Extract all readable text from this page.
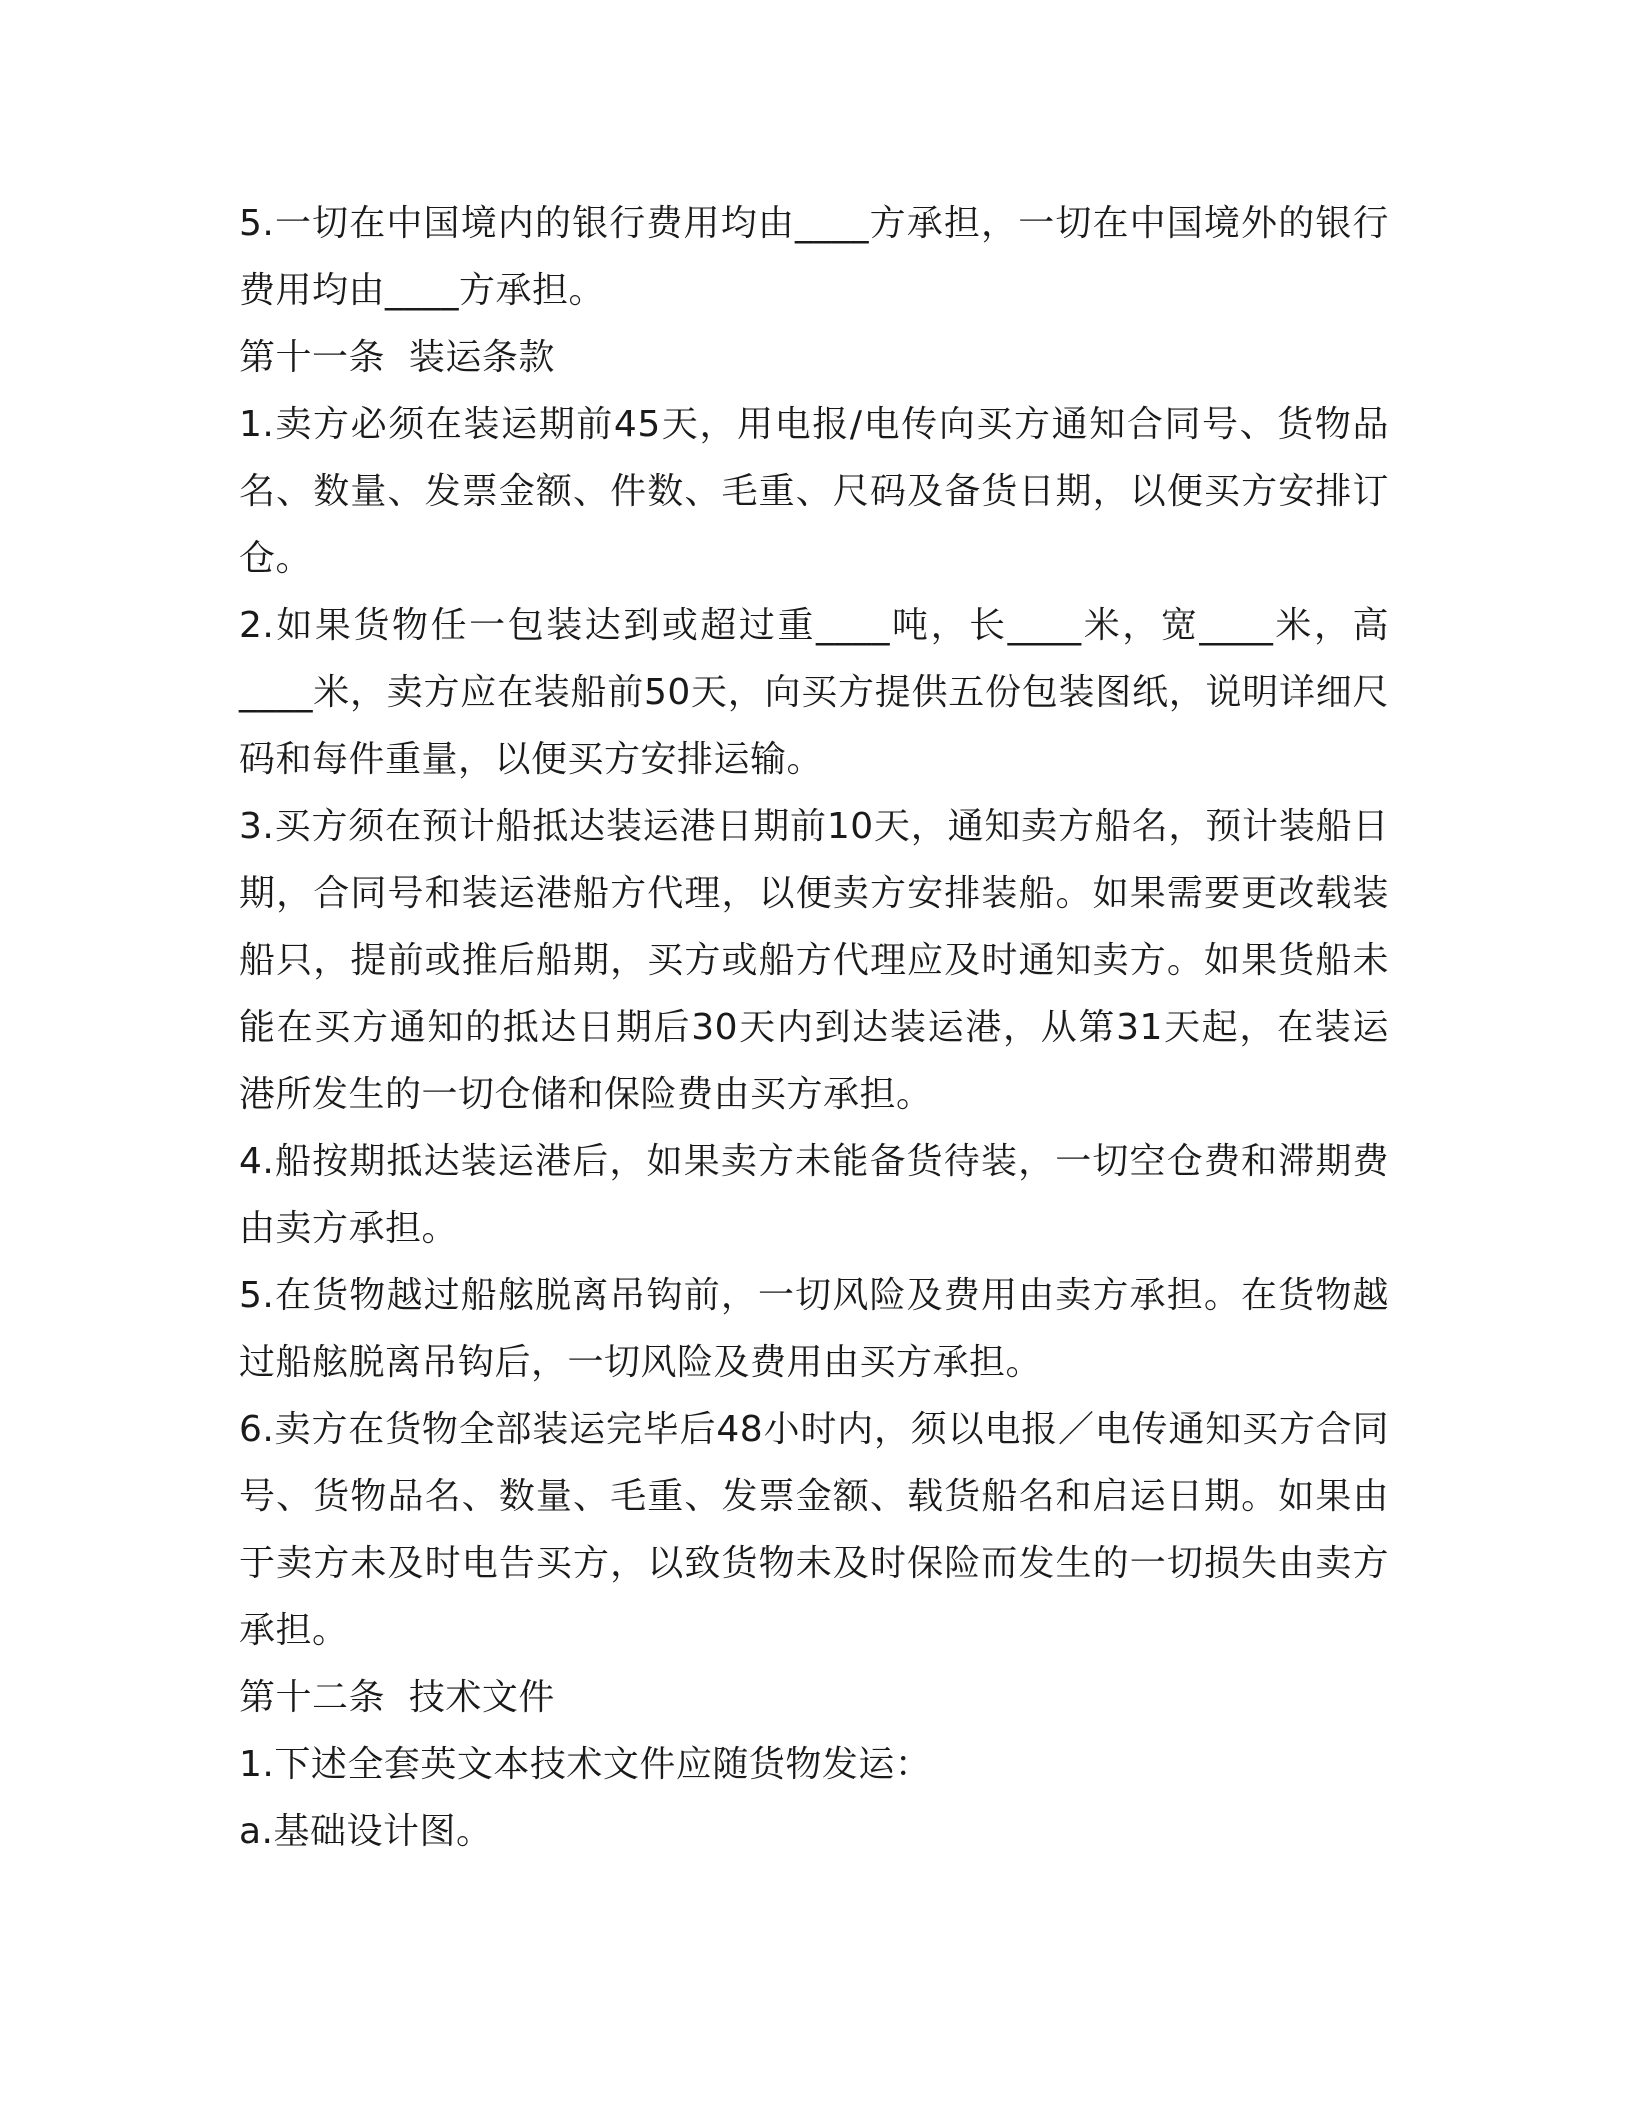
5.一切在中国境内的银行费用均由____方承担，一切在中国境外的银行费用均由____方承担。

第十一条  装运条款

1.卖方必须在装运期前45天，用电报/电传向买方通知合同号、货物品名、数量、发票金额、件数、毛重、尺码及备货日期，以便买方安排订仓。

2.如果货物任一包装达到或超过重____吨，长____米，宽____米，高____米，卖方应在装船前50天，向买方提供五份包装图纸，说明详细尺码和每件重量，以便买方安排运输。

3.买方须在预计船抵达装运港日期前10天，通知卖方船名，预计装船日期，合同号和装运港船方代理，以便卖方安排装船。如果需要更改载装船只，提前或推后船期，买方或船方代理应及时通知卖方。如果货船未能在买方通知的抵达日期后30天内到达装运港，从第31天起，在装运港所发生的一切仓储和保险费由买方承担。

4.船按期抵达装运港后，如果卖方未能备货待装，一切空仓费和滞期费由卖方承担。

5.在货物越过船舷脱离吊钩前，一切风险及费用由卖方承担。在货物越过船舷脱离吊钩后，一切风险及费用由买方承担。

6.卖方在货物全部装运完毕后48小时内，须以电报／电传通知买方合同号、货物品名、数量、毛重、发票金额、载货船名和启运日期。如果由于卖方未及时电告买方，以致货物未及时保险而发生的一切损失由卖方承担。

第十二条  技术文件

1.下述全套英文本技术文件应随货物发运：

a.基础设计图。
